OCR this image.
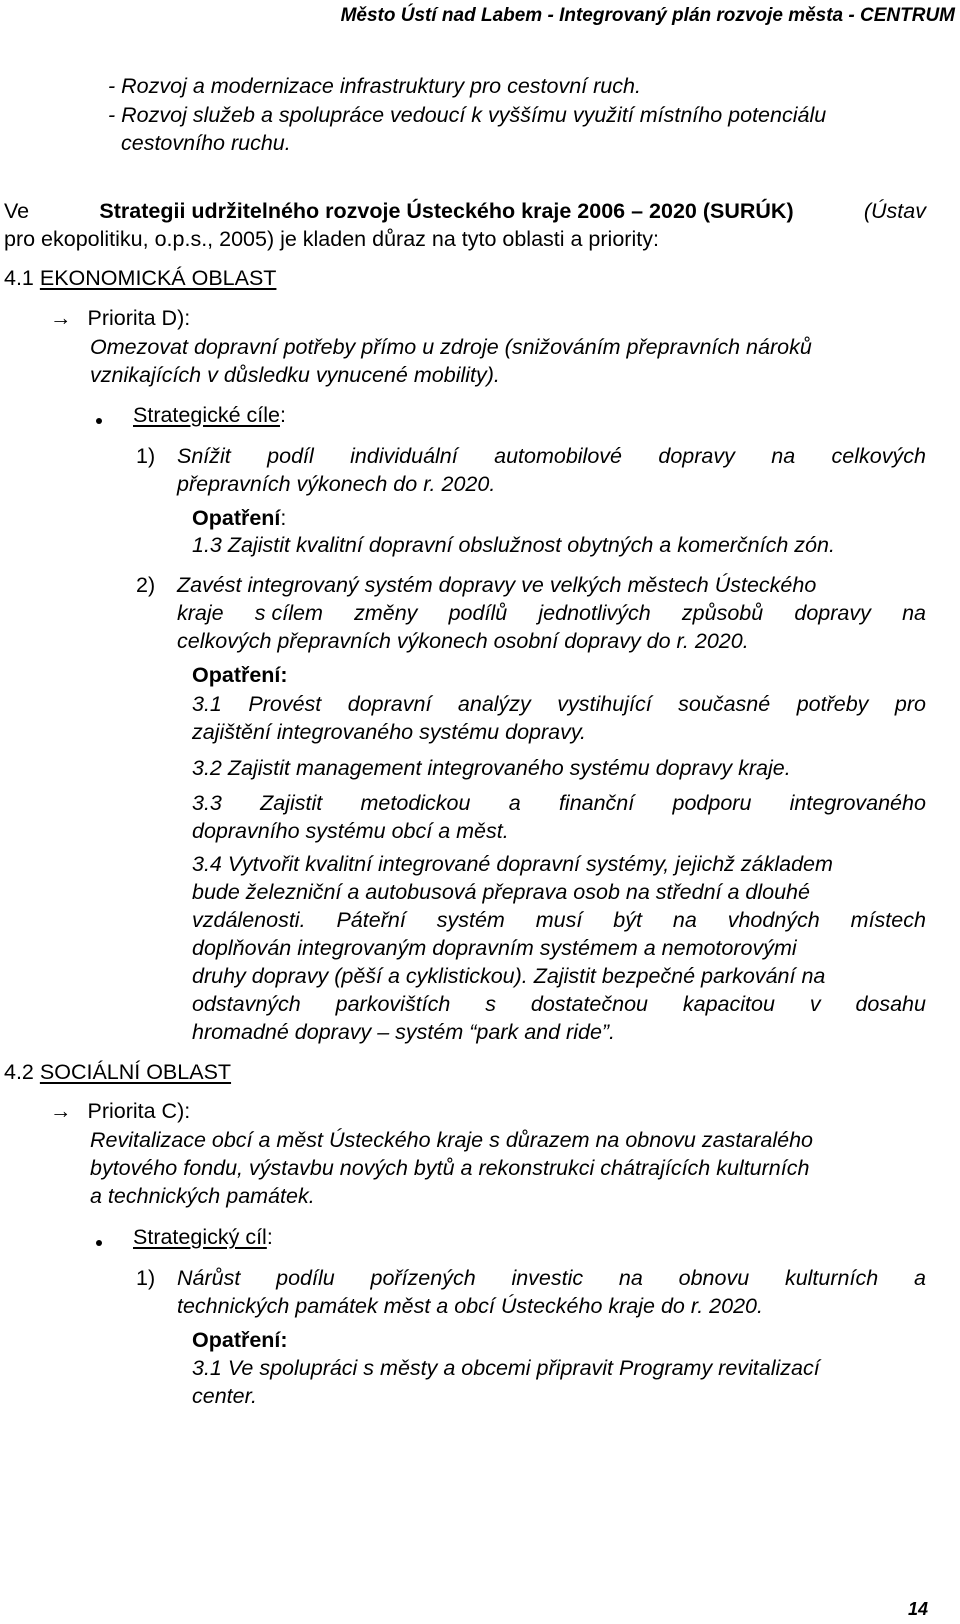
Město Ústí nad Labem - Integrovaný plán rozvoje města - CENTRUM
- Rozvoj a modernizace infrastruktury pro cestovní ruch.
- Rozvoj služeb a spolupráce vedoucí k vyššímu využití místního potenciálu
cestovního ruchu.
Ve	Strategii udržitelného rozvoje Ústeckého kraje 2006 – 2020 (SURÚK)	(Ústav
pro ekopolitiku, o.p.s., 2005) je kladen důraz na tyto oblasti a priority:
4.1 EKONOMICKÁ OBLAST
→ Priorita D):
Omezovat dopravní potřeby přímo u zdroje (snižováním přepravních nároků
vznikajících v důsledku vynucené mobility).
Strategické cíle:
1) Snížit podíl individuální automobilové dopravy na celkových
přepravních výkonech do r. 2020.
Opatření:
1.3 Zajistit kvalitní dopravní obslužnost obytných a komerčních zón.
2) Zavést integrovaný systém dopravy ve velkých městech Ústeckého
kraje s cílem změny podílů jednotlivých způsobů dopravy na
celkových přepravních výkonech osobní dopravy do r. 2020.
Opatření:
3.1 Provést dopravní analýzy vystihující současné potřeby pro
zajištění integrovaného systému dopravy.
3.2 Zajistit management integrovaného systému dopravy kraje.
3.3 Zajistit metodickou a finanční podporu integrovaného
dopravního systému obcí a měst.
3.4 Vytvořit kvalitní integrované dopravní systémy, jejichž základem
bude železniční a autobusová přeprava osob na střední a dlouhé
vzdálenosti. Páteřní systém musí být na vhodných místech
doplňován integrovaným dopravním systémem a nemotorovými
druhy dopravy (pěší a cyklistickou). Zajistit bezpečné parkování na
odstavných parkovištích s dostatečnou kapacitou v dosahu
hromadné dopravy – systém “park and ride”.
4.2 SOCIÁLNÍ OBLAST
→ Priorita C):
Revitalizace obcí a měst Ústeckého kraje s důrazem na obnovu zastaralého
bytového fondu, výstavbu nových bytů a rekonstrukci chátrajících kulturních
a technických památek.
Strategický cíl:
1) Nárůst podílu pořízených investic na obnovu kulturních a
technických památek měst a obcí Ústeckého kraje do r. 2020.
Opatření:
3.1 Ve spolupráci s městy a obcemi připravit Programy revitalizací
center.
14
